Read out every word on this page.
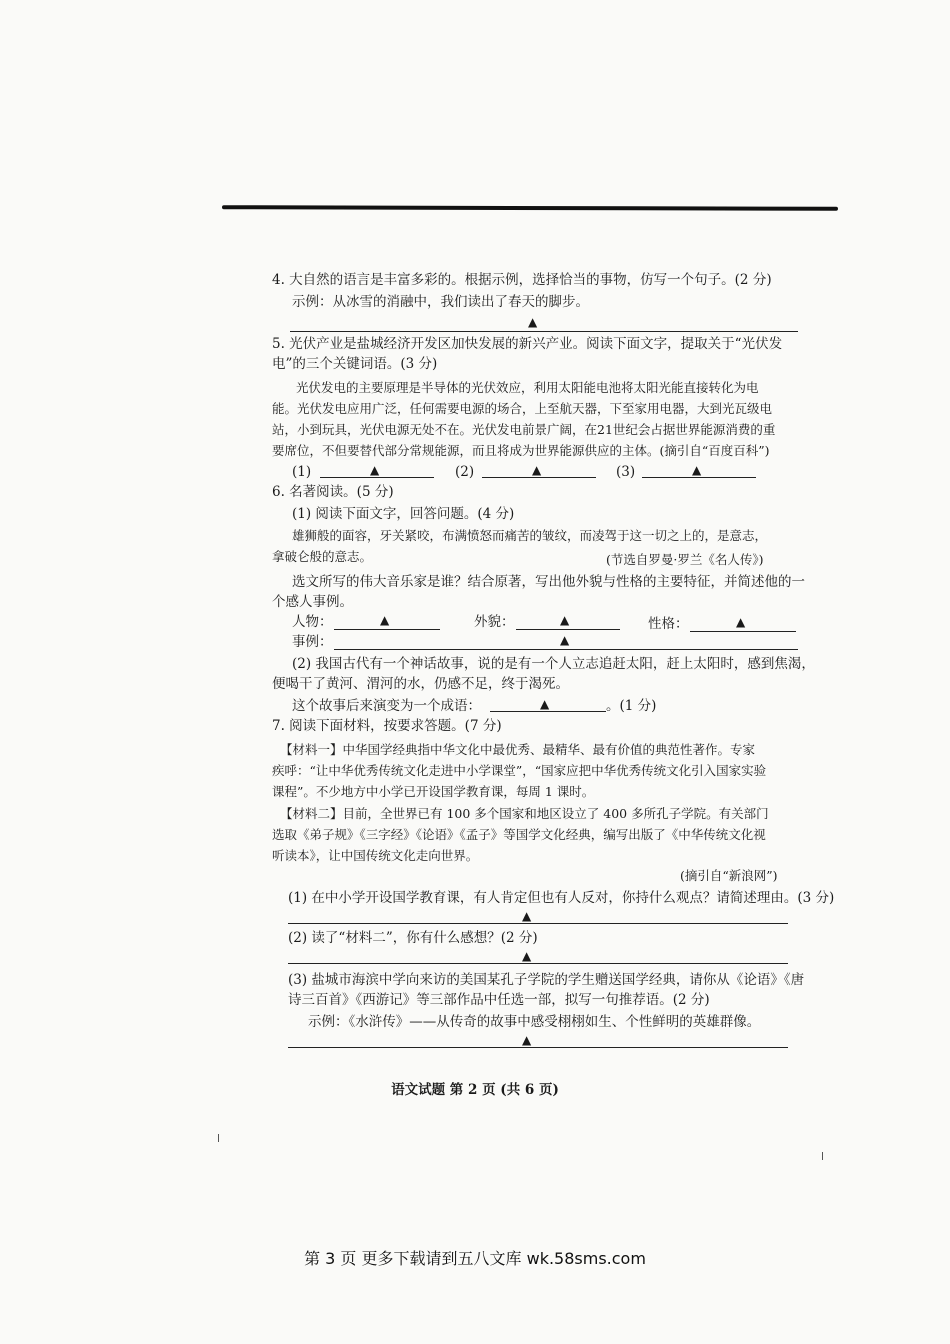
4. 大自然的语言是丰富多彩的。根据示例，选择恰当的事物，仿写一个句子。(2 分)
示例：从冰雪的消融中，我们读出了春天的脚步。
▲
5. 光伏产业是盐城经济开发区加快发展的新兴产业。阅读下面文字，提取关于“光伏发
电”的三个关键词语。(3 分)
光伏发电的主要原理是半导体的光伏效应，利用太阳能电池将太阳光能直接转化为电
能。光伏发电应用广泛，任何需要电源的场合，上至航天器，下至家用电器，大到光瓦级电
站，小到玩具，光伏电源无处不在。光伏发电前景广阔，在21世纪会占据世界能源消费的重
要席位，不但要替代部分常规能源，而且将成为世界能源供应的主体。(摘引自“百度百科”)
(1)	▲	(2)	▲	(3)	▲
6. 名著阅读。(5 分)
(1) 阅读下面文字，回答问题。(4 分)
雄狮般的面容，牙关紧咬，布满愤怒而痛苦的皱纹，而凌驾于这一切之上的，是意志，
拿破仑般的意志。	(节选自罗曼·罗兰《名人传》)
选文所写的伟大音乐家是谁？结合原著，写出他外貌与性格的主要特征，并简述他的一
个感人事例。
人物：	▲	外貌：	▲	性格：	▲
事例：	▲
(2) 我国古代有一个神话故事，说的是有一个人立志追赶太阳，赶上太阳时，感到焦渴，
便喝干了黄河、渭河的水，仍感不足，终于渴死。
这个故事后来演变为一个成语：	▲	。(1 分)
7. 阅读下面材料，按要求答题。(7 分)
【材料一】中华国学经典指中华文化中最优秀、最精华、最有价值的典范性著作。专家
疾呼：“让中华优秀传统文化走进中小学课堂”，“国家应把中华优秀传统文化引入国家实验
课程”。不少地方中小学已开设国学教育课，每周 1 课时。
【材料二】目前，全世界已有 100 多个国家和地区设立了 400 多所孔子学院。有关部门
选取《弟子规》《三字经》《论语》《孟子》等国学文化经典，编写出版了《中华传统文化视
听读本》，让中国传统文化走向世界。
(摘引自“新浪网”)
(1) 在中小学开设国学教育课，有人肯定但也有人反对，你持什么观点？请简述理由。(3 分)
▲
(2) 读了“材料二”，你有什么感想？(2 分)
▲
(3) 盐城市海滨中学向来访的美国某孔子学院的学生赠送国学经典，请你从《论语》《唐
诗三百首》《西游记》等三部作品中任选一部，拟写一句推荐语。(2 分)
示例：《水浒传》——从传奇的故事中感受栩栩如生、个性鲜明的英雄群像。
▲
语文试题 第 2 页 (共 6 页)
第 3 页 更多下载请到五八文库 wk.58sms.com
